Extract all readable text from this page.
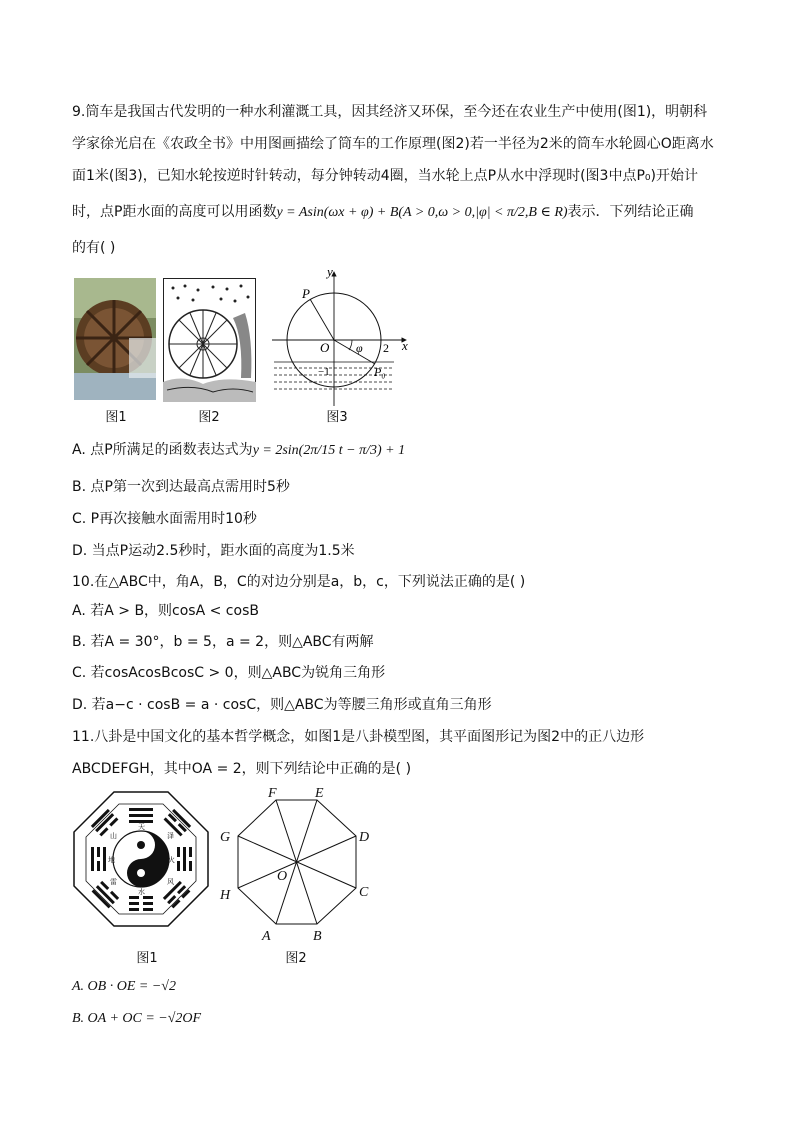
9.筒车是我国古代发明的一种水利灌溉工具，因其经济又环保，至今还在农业生产中使用(图1)，明朝科
学家徐光启在《农政全书》中用图画描绘了筒车的工作原理(图2)若一半径为2米的筒车水轮圆心O距离水
面1米(图3)，已知水轮按逆时针转动，每分钟转动4圈，当水轮上点P从水中浮现时(图3中点P₀)开始计
时，点P距水面的高度可以用函数y = Asin(ωx + φ) + B(A > 0,ω > 0,|φ| < π/2,B ∈ R)表示．下列结论正确
的有( )
y
x
P
O φ 2
−1	P₀
图1	图2	图3
A. 点P所满足的函数表达式为y = 2sin(2π/15 t − π/3) + 1
B. 点P第一次到达最高点需用时5秒
C. P再次接触水面需用时10秒
D. 当点P运动2.5秒时，距水面的高度为1.5米
10.在△ABC中，角A，B，C的对边分别是a，b，c，下列说法正确的是( )
A. 若A > B，则cosA < cosB
B. 若A = 30°，b = 5，a = 2，则△ABC有两解
C. 若cosAcosBcosC > 0，则△ABC为锐角三角形
D. 若a−c · cosB = a · cosC，则△ABC为等腰三角形或直角三角形
11.八卦是中国文化的基本哲学概念，如图1是八卦模型图，其平面图形记为图2中的正八边形
ABCDEFGH，其中OA = 2，则下列结论中正确的是( )
天
水
山
风
地	火
泽
雷
F	E
D
C
B
A
H
G
O
图1	图2
A. OB · OE = −√2
B. OA + OC = −√2OF
